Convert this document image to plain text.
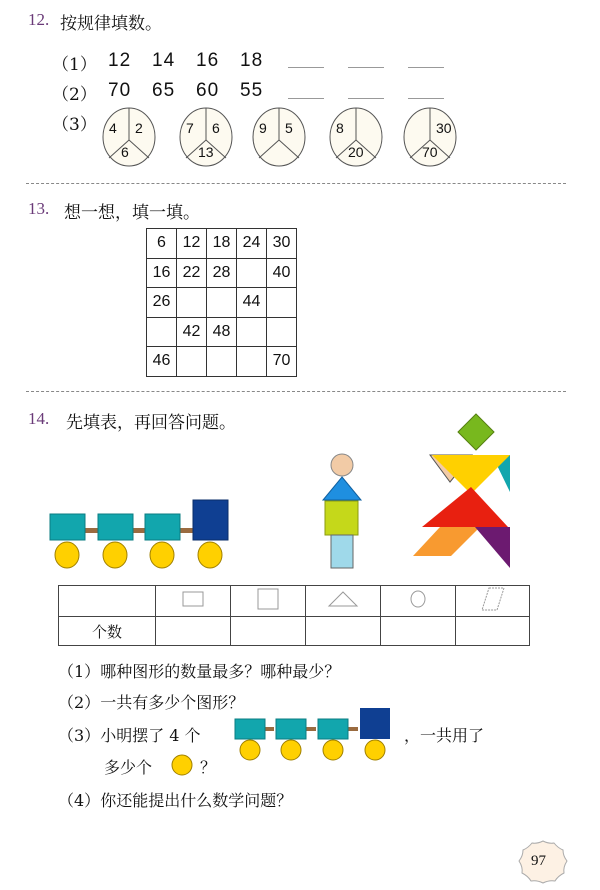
12. 按规律填数。
（1） 12 14 16 18
（2） 70 65 60 55
（3） 4 2
6
7 6
13
9 5	8
20
30
70
13. 想一想，填一填。
6	12	18	24	30
16	22	28		40
26			44	
	42	48		
46				70
14. 先填表，再回答问题。

个数					
（1）哪种图形的数量最多？哪种最少？
（2）一共有多少个图形？
（3）小明摆了 4 个	，一共用了
多少个	？
（4）你还能提出什么数学问题？
97
